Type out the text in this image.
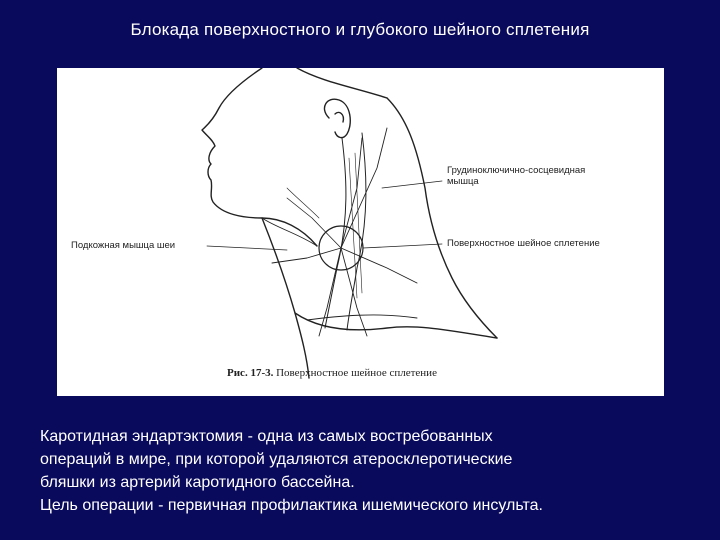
Блокада поверхностного и глубокого шейного сплетения
Грудиноключично-сосцевидная
мышца
Подкожная мышца шеи	Поверхностное шейное сплетение
Рис. 17-3. Поверхностное шейное сплетение
Каротидная эндартэктомия - одна из самых востребованных
операций в мире, при которой удаляются атеросклеротические
бляшки из артерий каротидного бассейна.
Цель операции - первичная профилактика ишемического инсульта.
